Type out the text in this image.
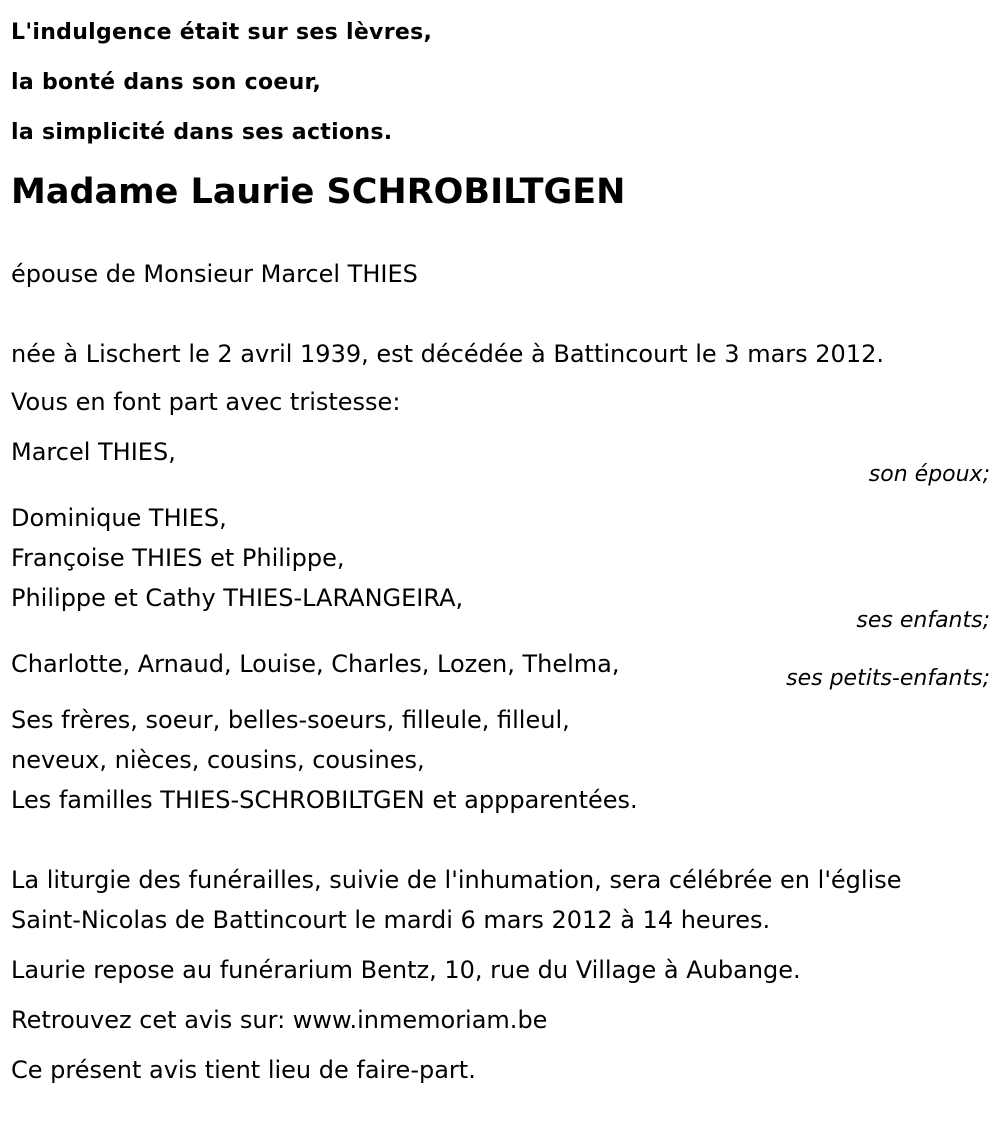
L'indulgence était sur ses lèvres,
la bonté dans son coeur,
la simplicité dans ses actions.
Madame Laurie SCHROBILTGEN
épouse de Monsieur Marcel THIES
née à Lischert le 2 avril 1939, est décédée à Battincourt le 3 mars 2012.
Vous en font part avec tristesse:
Marcel THIES,
son époux;
Dominique THIES,
Françoise THIES et Philippe,
Philippe et Cathy THIES-LARANGEIRA,
ses enfants;
Charlotte, Arnaud, Louise, Charles, Lozen, Thelma,
ses petits-enfants;
Ses frères, soeur, belles-soeurs, filleule, filleul,
neveux, nièces, cousins, cousines,
Les familles THIES-SCHROBILTGEN et appparentées.
La liturgie des funérailles, suivie de l'inhumation, sera célébrée en l'église
Saint-Nicolas de Battincourt le mardi 6 mars 2012 à 14 heures.
Laurie repose au funérarium Bentz, 10, rue du Village à Aubange.
Retrouvez cet avis sur: www.inmemoriam.be
Ce présent avis tient lieu de faire-part.
